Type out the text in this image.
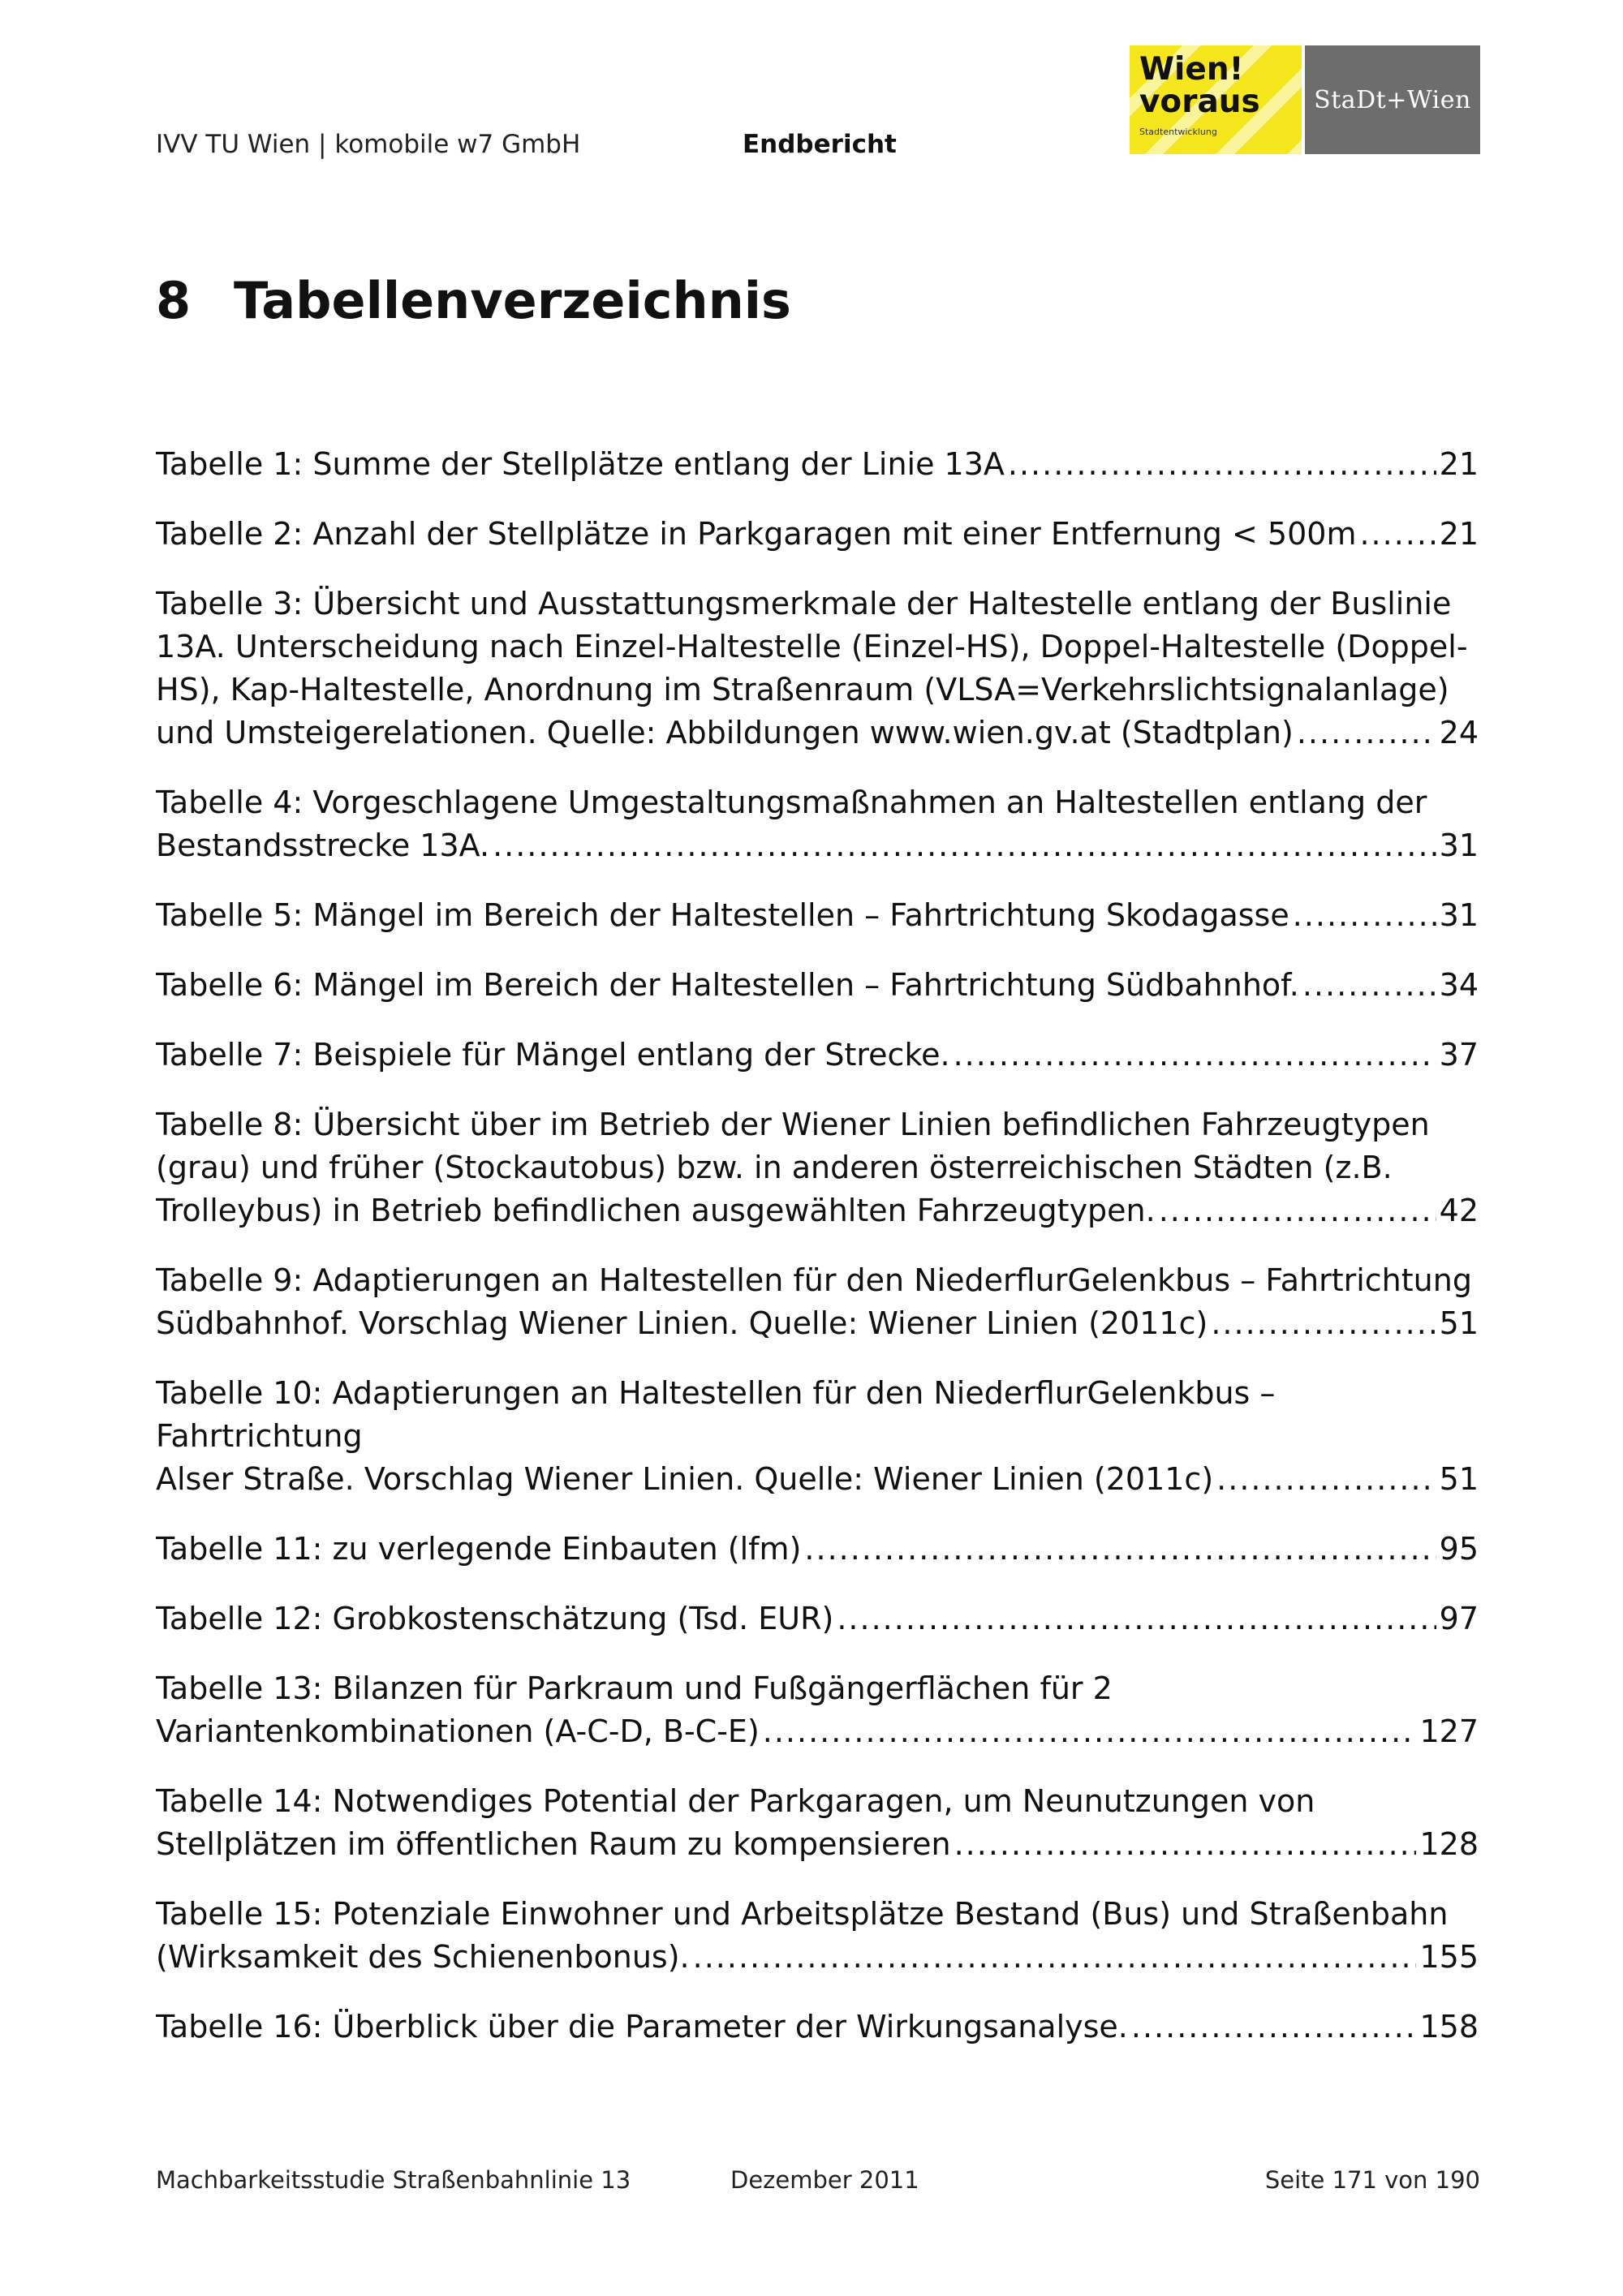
IVV TU Wien | komobile w7 GmbH	Endbericht
Wien!
voraus
Stadtentwicklung
StaDt+Wien
8 Tabellenverzeichnis
Tabelle 1: Summe der Stellplätze entlang der Linie 13A .....	21
Tabelle 2: Anzahl der Stellplätze in Parkgaragen mit einer Entfernung < 500m .....	21
Tabelle 3: Übersicht und Ausstattungsmerkmale der Haltestelle entlang der Buslinie
13A. Unterscheidung nach Einzel-Haltestelle (Einzel-HS), Doppel-Haltestelle (Doppel-
HS), Kap-Haltestelle, Anordnung im Straßenraum (VLSA=Verkehrslichtsignalanlage)
und Umsteigerelationen. Quelle: Abbildungen www.wien.gv.at (Stadtplan) .....	24
Tabelle 4: Vorgeschlagene Umgestaltungsmaßnahmen an Haltestellen entlang der
Bestandsstrecke 13A. .....	31
Tabelle 5: Mängel im Bereich der Haltestellen – Fahrtrichtung Skodagasse .....	31
Tabelle 6: Mängel im Bereich der Haltestellen – Fahrtrichtung Südbahnhof. .....	34
Tabelle 7: Beispiele für Mängel entlang der Strecke. .....	37
Tabelle 8: Übersicht über im Betrieb der Wiener Linien befindlichen Fahrzeugtypen
(grau) und früher (Stockautobus) bzw. in anderen österreichischen Städten (z.B.
Trolleybus) in Betrieb befindlichen ausgewählten Fahrzeugtypen. .....	42
Tabelle 9: Adaptierungen an Haltestellen für den NiederflurGelenkbus – Fahrtrichtung
Südbahnhof. Vorschlag Wiener Linien. Quelle: Wiener Linien (2011c) .....	51
Tabelle 10: Adaptierungen an Haltestellen für den NiederflurGelenkbus – Fahrtrichtung
Alser Straße. Vorschlag Wiener Linien. Quelle: Wiener Linien (2011c) .....	51
Tabelle 11: zu verlegende Einbauten (lfm) .....	95
Tabelle 12: Grobkostenschätzung (Tsd. EUR) .....	97
Tabelle 13: Bilanzen für Parkraum und Fußgängerflächen für 2
Variantenkombinationen (A-C-D, B-C-E) .....	127
Tabelle 14: Notwendiges Potential der Parkgaragen, um Neunutzungen von
Stellplätzen im öffentlichen Raum zu kompensieren .....	128
Tabelle 15: Potenziale Einwohner und Arbeitsplätze Bestand (Bus) und Straßenbahn
(Wirksamkeit des Schienenbonus). .....	155
Tabelle 16: Überblick über die Parameter der Wirkungsanalyse. .....	158
Machbarkeitsstudie Straßenbahnlinie 13	Dezember 2011	Seite 171 von 190
